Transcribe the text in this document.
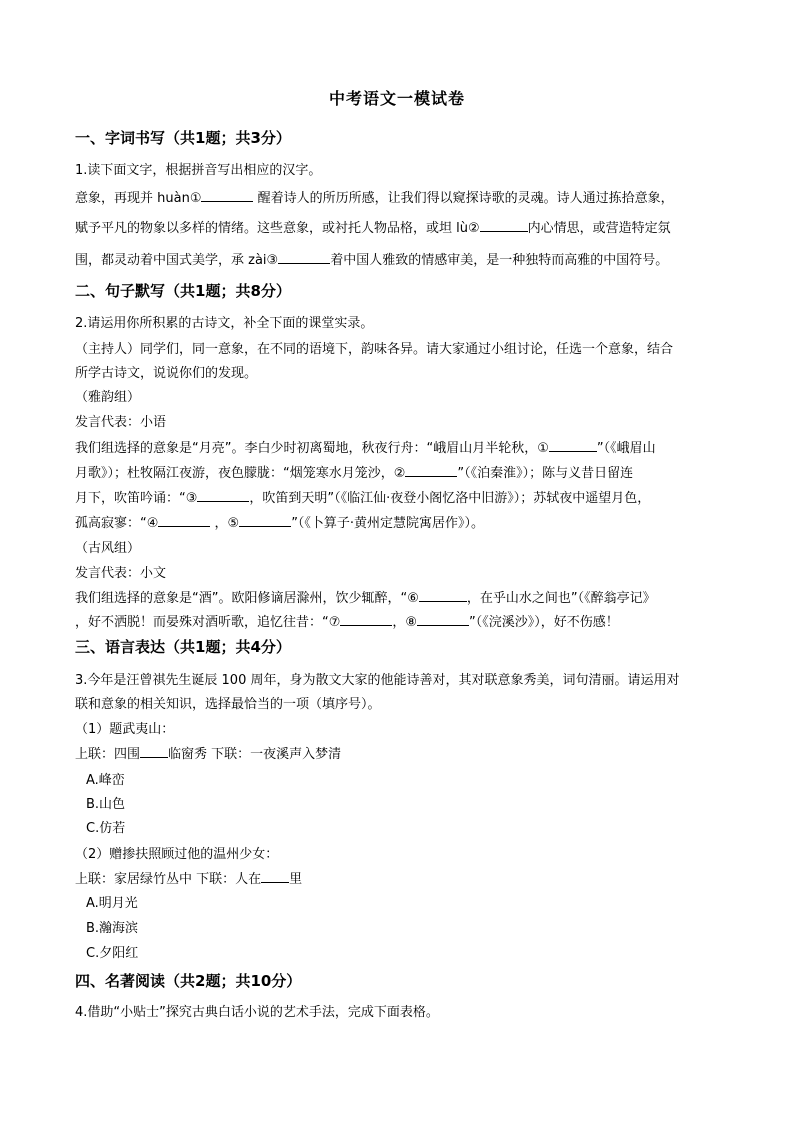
中考语文一模试卷
一、字词书写（共1题；共3分）
1.读下面文字，根据拼音写出相应的汉字。
意象，再现并 huàn①	醒着诗人的所历所感，让我们得以窥探诗歌的灵魂。诗人通过拣拾意象，
赋予平凡的物象以多样的情绪。这些意象，或衬托人物品格，或坦 lù②	内心情思，或营造特定氛
围，都灵动着中国式美学，承 zài③	着中国人雅致的情感审美，是一种独特而高雅的中国符号。
二、句子默写（共1题；共8分）
2.请运用你所积累的古诗文，补全下面的课堂实录。
（主持人）同学们，同一意象，在不同的语境下，韵味各异。请大家通过小组讨论，任选一个意象，结合
所学古诗文，说说你们的发现。
（雅韵组）
发言代表：小语
我们组选择的意象是“月亮”。李白少时初离蜀地，秋夜行舟：“峨眉山月半轮秋，①	”（《峨眉山
月歌》）；杜牧隔江夜游，夜色朦胧：“烟笼寒水月笼沙，②	”（《泊秦淮》）；陈与义昔日留连
月下，吹笛吟诵：“③	，吹笛到天明”（《临江仙·夜登小阁忆洛中旧游》）；苏轼夜中遥望月色，
孤高寂寥：“④	，⑤	”（《卜算子·黄州定慧院寓居作》）。
（古风组）
发言代表：小文
我们组选择的意象是“酒”。欧阳修谪居滁州，饮少辄醉，“⑥	，在乎山水之间也”（《醉翁亭记》
，好不洒脱！而晏殊对酒听歌，追忆往昔：“⑦	，⑧	”（《浣溪沙》），好不伤感！
三、语言表达（共1题；共4分）
3.今年是汪曾祺先生诞辰 100 周年，身为散文大家的他能诗善对，其对联意象秀美，词句清丽。请运用对
联和意象的相关知识，选择最恰当的一项（填序号）。
（1）题武夷山：
上联：四围 临窗秀 下联：一夜溪声入梦清
A.峰峦
B.山色
C.仿若
（2）赠掺扶照顾过他的温州少女：
上联：家居绿竹丛中 下联：人在 里
A.明月光
B.瀚海滨
C.夕阳红
四、名著阅读（共2题；共10分）
4.借助“小贴士”探究古典白话小说的艺术手法，完成下面表格。
